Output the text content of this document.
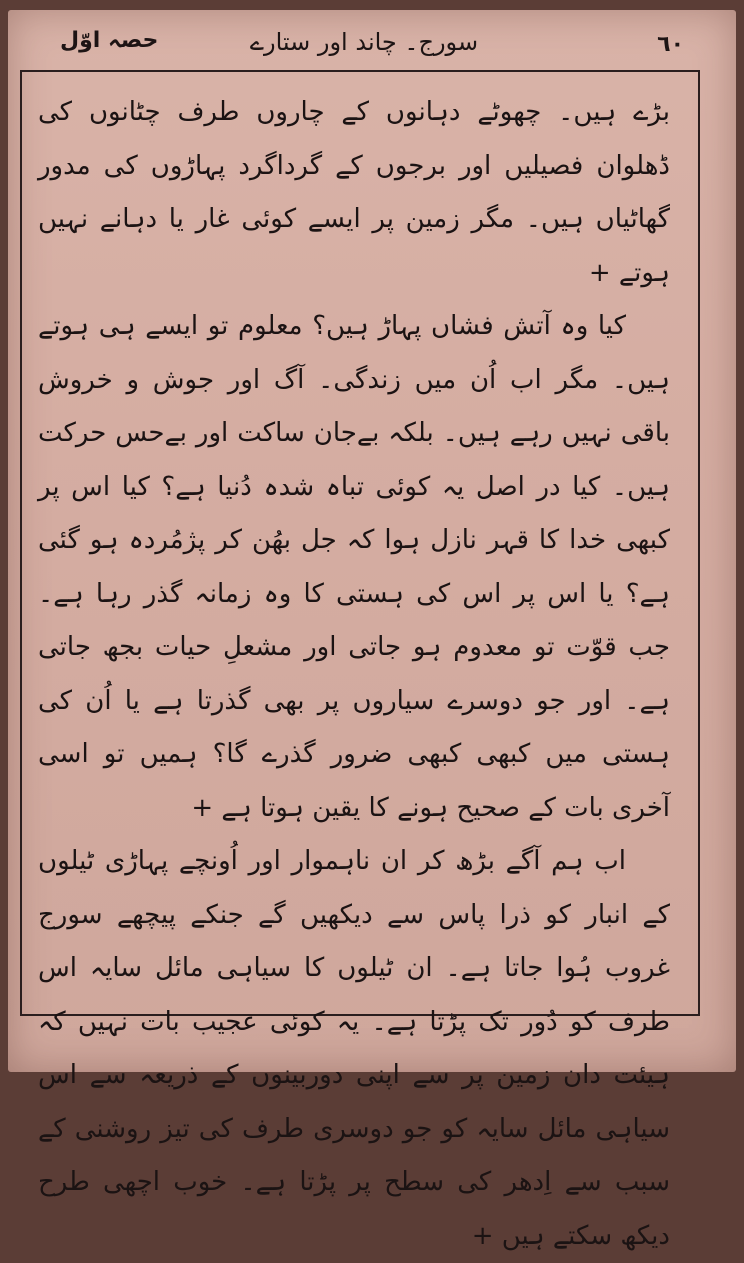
٦٠
سورج۔ چاند اور ستارے
حصہ اوّل

بڑے ہیں۔ چھوٹے دہانوں کے چاروں طرف چٹانوں کی ڈھلوان فصیلیں اور برجوں کے گرداگرد پہاڑوں کی مدور گھاٹیاں ہیں۔ مگر زمین پر ایسے کوئی غار یا دہانے نہیں ہوتے +

کیا وہ آتش فشاں پہاڑ ہیں؟ معلوم تو ایسے ہی ہوتے ہیں۔ مگر اب اُن میں زندگی۔ آگ اور جوش و خروش باقی نہیں رہے ہیں۔ بلکہ بےجان ساکت اور بےحس حرکت ہیں۔ کیا در اصل یہ کوئی تباہ شدہ دُنیا ہے؟ کیا اس پر کبھی خدا کا قہر نازل ہوا کہ جل بھُن کر پژمُردہ ہو گئی ہے؟ یا اس پر اس کی ہستی کا وہ زمانہ گذر رہا ہے۔ جب قوّت تو معدوم ہو جاتی اور مشعلِ حیات بجھ جاتی ہے۔ اور جو دوسرے سیاروں پر بھی گذرتا ہے یا اُن کی ہستی میں کبھی کبھی ضرور گذرے گا؟ ہمیں تو اسی آخری بات کے صحیح ہونے کا یقین ہوتا ہے +

اب ہم آگے بڑھ کر ان ناہموار اور اُونچے پہاڑی ٹیلوں کے انبار کو ذرا پاس سے دیکھیں گے جنکے پیچھے سورج غروب ہُوا جاتا ہے۔ ان ٹیلوں کا سیاہی مائل سایہ اس طرف کو دُور تک پڑتا ہے۔ یہ کوئی عجیب بات نہیں کہ ہیئت دان زمین پر سے اپنی دوربینوں کے ذریعہ سے اس سیاہی مائل سایہ کو جو دوسری طرف کی تیز روشنی کے سبب سے اِدھر کی سطح پر پڑتا ہے۔ خوب اچھی طرح دیکھ سکتے ہیں +
